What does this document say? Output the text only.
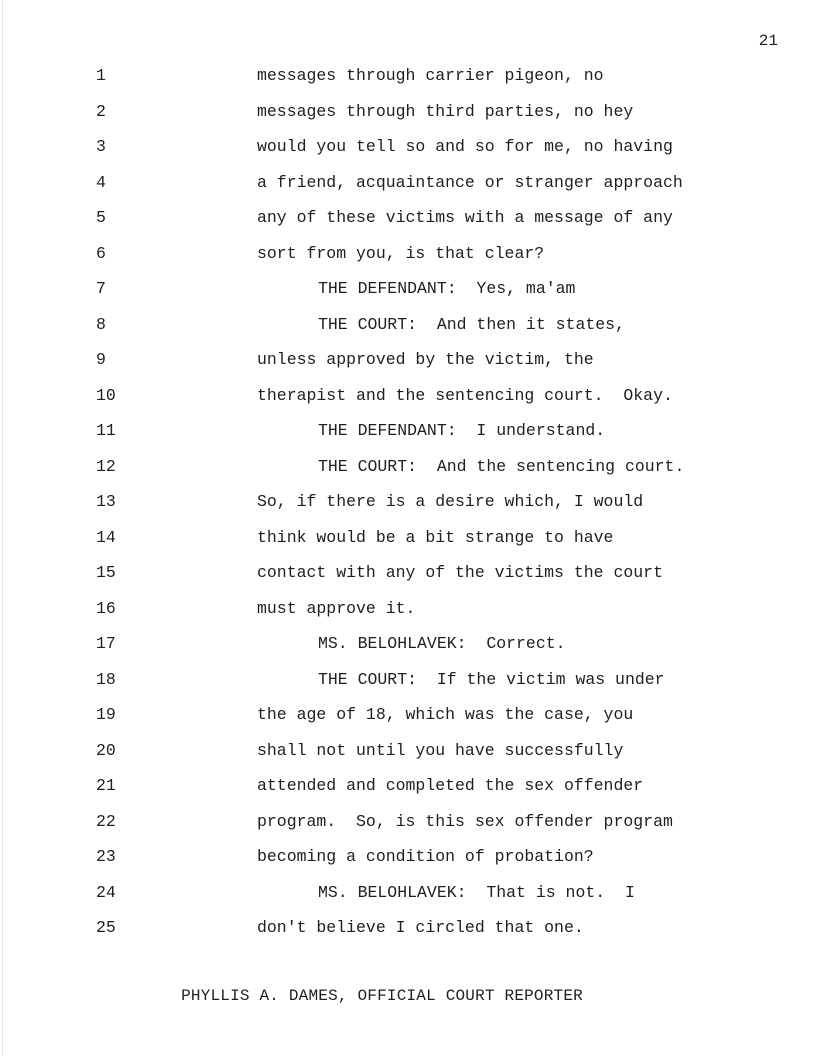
21
1	messages through carrier pigeon, no
2	messages through third parties, no hey
3	would you tell so and so for me, no having
4	a friend, acquaintance or stranger approach
5	any of these victims with a message of any
6	sort from you, is that clear?
7	THE DEFENDANT:  Yes, ma'am
8	THE COURT:  And then it states,
9	unless approved by the victim, the
10	therapist and the sentencing court.  Okay.
11	THE DEFENDANT:  I understand.
12	THE COURT:  And the sentencing court.
13	So, if there is a desire which, I would
14	think would be a bit strange to have
15	contact with any of the victims the court
16	must approve it.
17	MS. BELOHLAVEK:  Correct.
18	THE COURT:  If the victim was under
19	the age of 18, which was the case, you
20	shall not until you have successfully
21	attended and completed the sex offender
22	program.  So, is this sex offender program
23	becoming a condition of probation?
24	MS. BELOHLAVEK:  That is not.  I
25	don't believe I circled that one.
PHYLLIS A. DAMES, OFFICIAL COURT REPORTER
